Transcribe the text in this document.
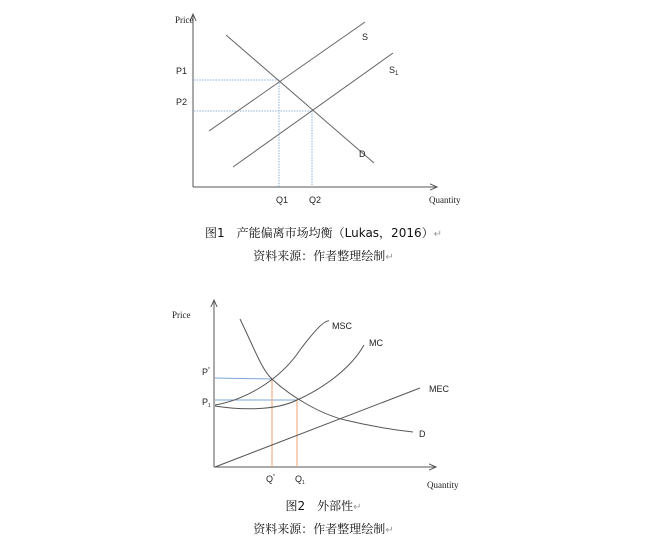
Price
Quantity
P1
P2
Q1 Q2
S
$S_1$
D
Price
Quantity
P*
$P_1$
Q* $Q_1$
MSC
MC
MEC
D
图1　产能偏离市场均衡（Lukas，2016）↵
资料来源：作者整理绘制↵
图2　外部性↵
资料来源：作者整理绘制↵
